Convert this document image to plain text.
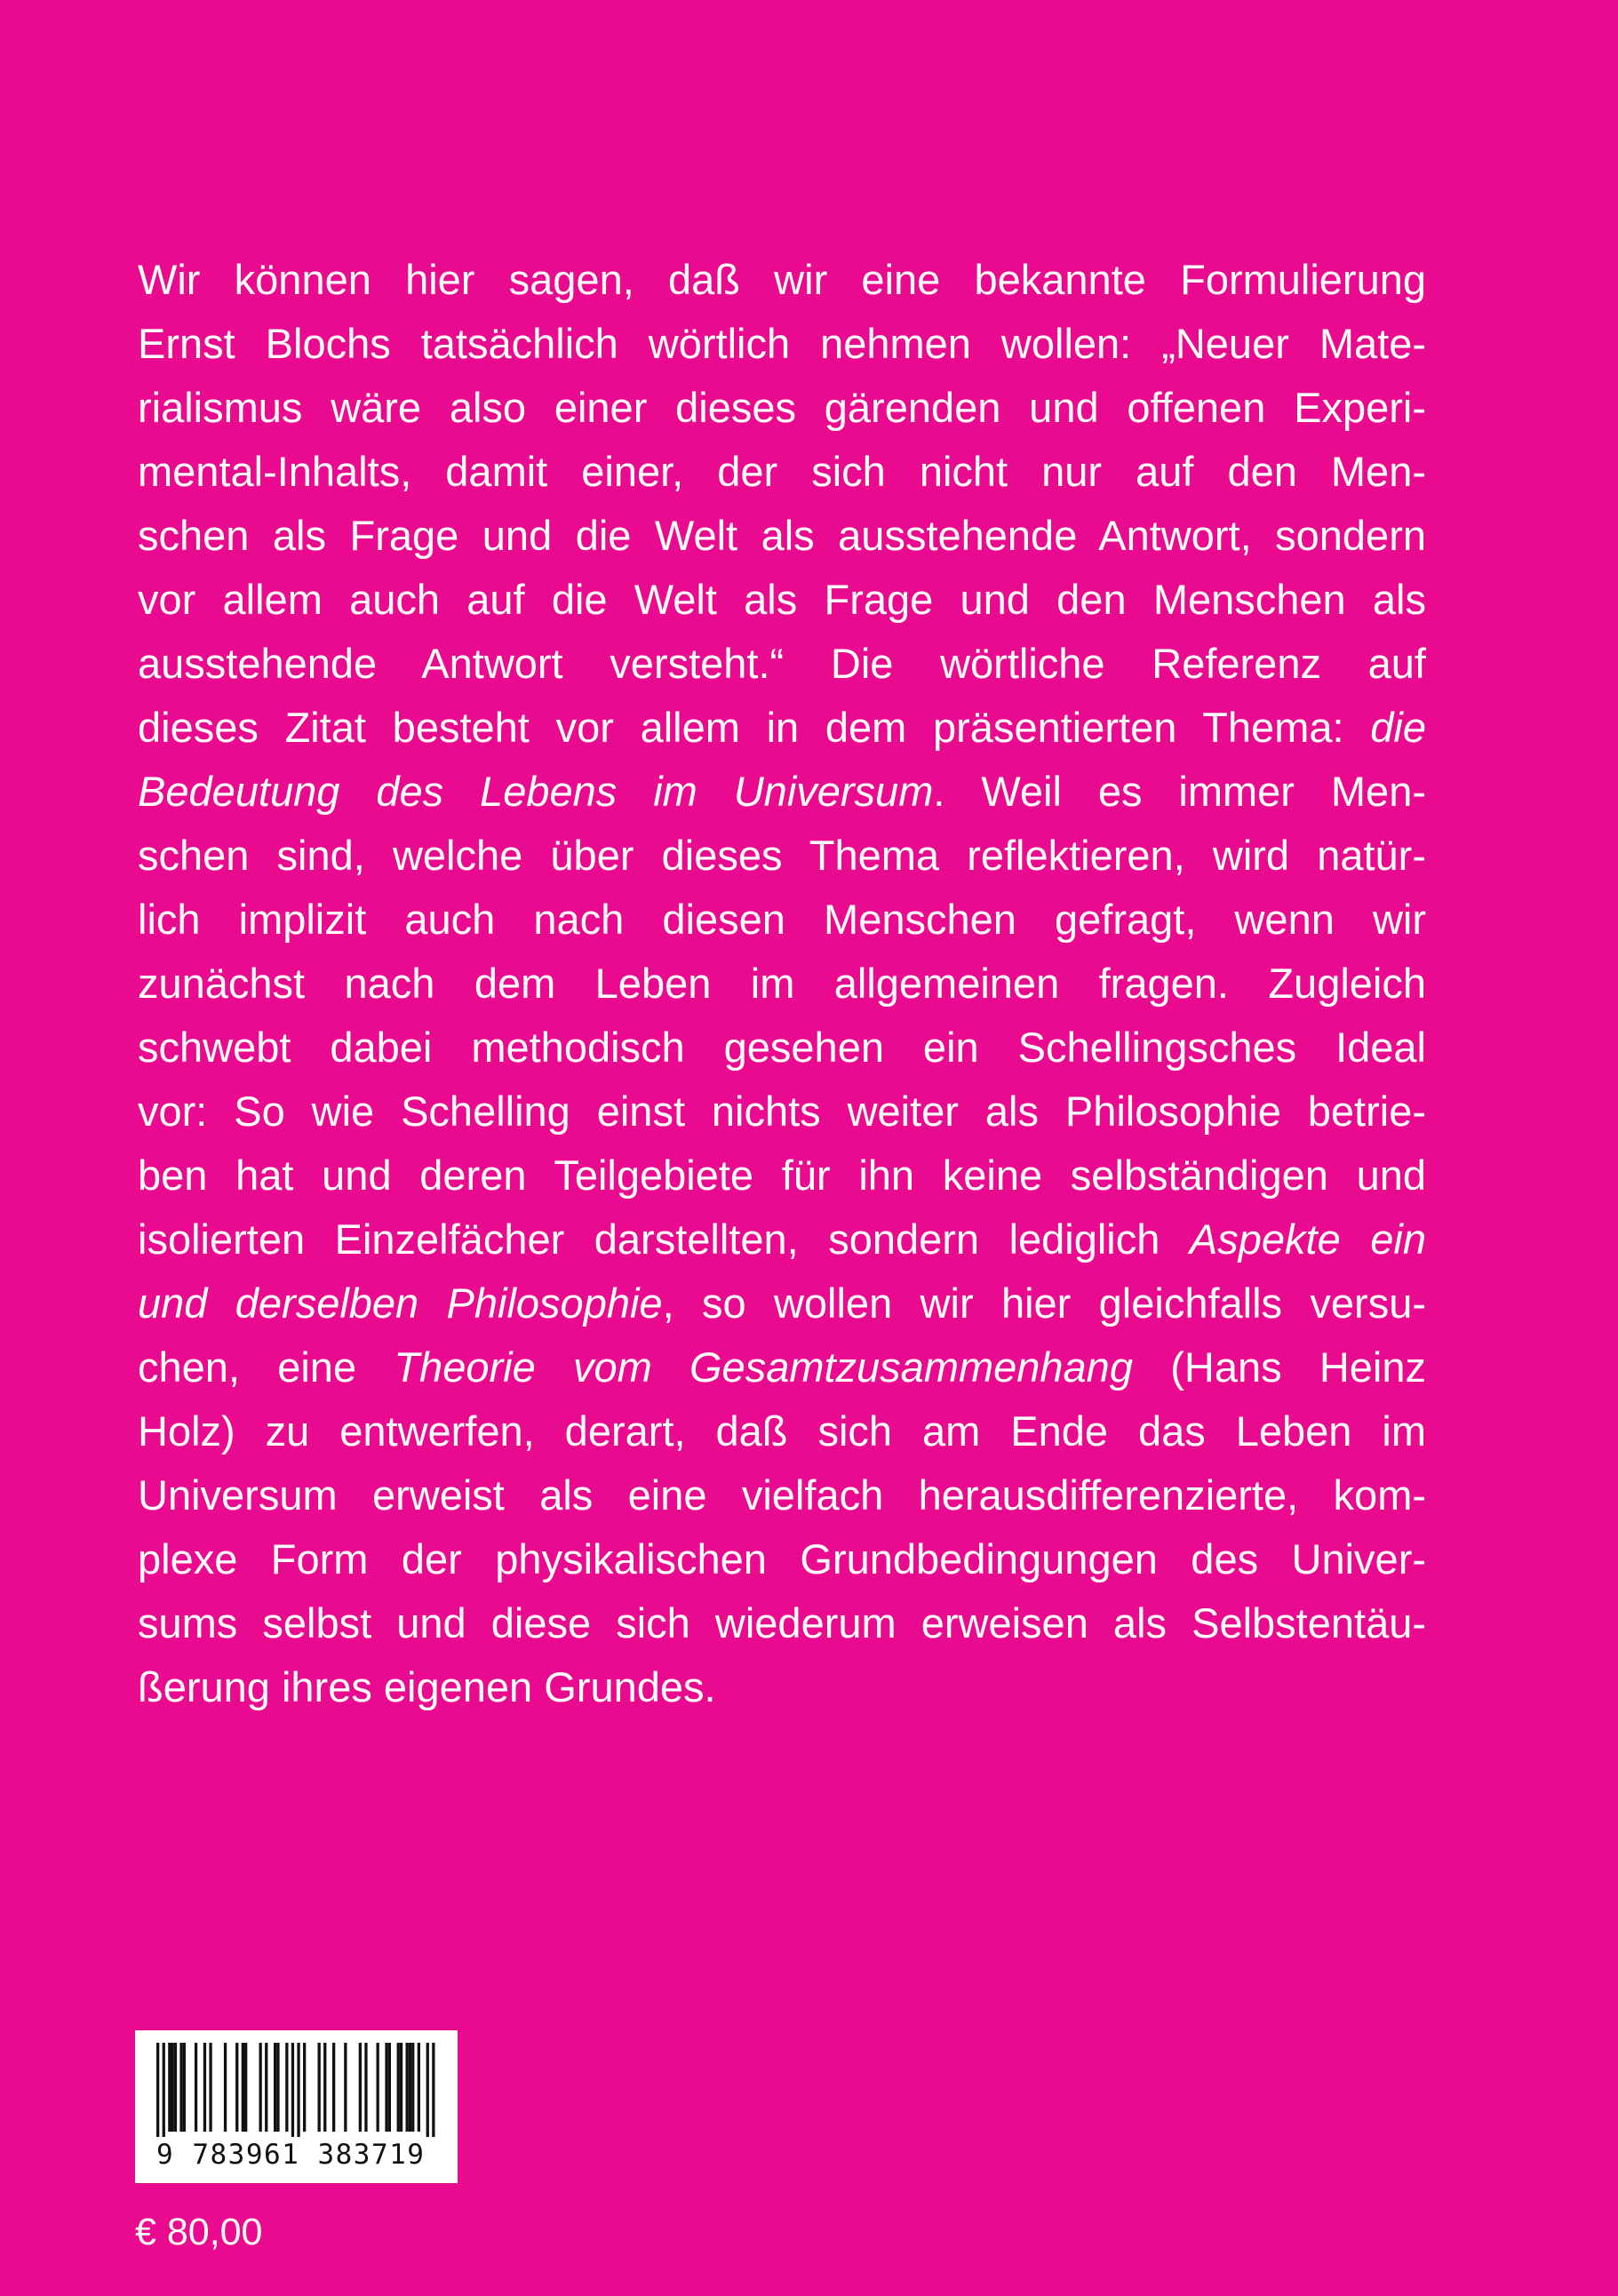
Wir können hier sagen, daß wir eine bekannte Formulierung
Ernst Blochs tatsächlich wörtlich nehmen wollen: „Neuer Mate-
rialismus wäre also einer dieses gärenden und offenen Experi-
mental-Inhalts, damit einer, der sich nicht nur auf den Men-
schen als Frage und die Welt als ausstehende Antwort, sondern
vor allem auch auf die Welt als Frage und den Menschen als
ausstehende Antwort versteht.“ Die wörtliche Referenz auf
dieses Zitat besteht vor allem in dem präsentierten Thema: die
Bedeutung des Lebens im Universum. Weil es immer Men-
schen sind, welche über dieses Thema reflektieren, wird natür-
lich implizit auch nach diesen Menschen gefragt, wenn wir
zunächst nach dem Leben im allgemeinen fragen. Zugleich
schwebt dabei methodisch gesehen ein Schellingsches Ideal
vor: So wie Schelling einst nichts weiter als Philosophie betrie-
ben hat und deren Teilgebiete für ihn keine selbständigen und
isolierten Einzelfächer darstellten, sondern lediglich Aspekte ein
und derselben Philosophie, so wollen wir hier gleichfalls versu-
chen, eine Theorie vom Gesamtzusammenhang (Hans Heinz
Holz) zu entwerfen, derart, daß sich am Ende das Leben im
Universum erweist als eine vielfach herausdifferenzierte, kom-
plexe Form der physikalischen Grundbedingungen des Univer-
sums selbst und diese sich wiederum erweisen als Selbstentäu-
ßerung ihres eigenen Grundes.
9 783961 383719
€ 80,00
